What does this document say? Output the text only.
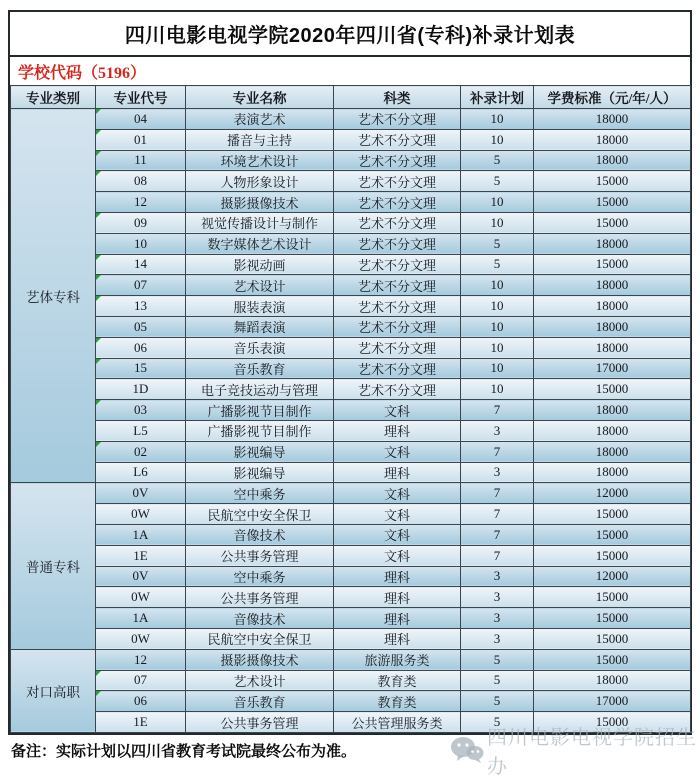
四川电影电视学院2020年四川省(专科)补录计划表
学校代码（5196）
专业类别	专业代号	专业名称	科类	补录计划	学费标准（元/年/人）
艺体专科	04	表演艺术	艺术不分文理	10	18000
	01	播音与主持	艺术不分文理	10	18000
	11	环境艺术设计	艺术不分文理	5	18000
	08	人物形象设计	艺术不分文理	5	15000
	12	摄影摄像技术	艺术不分文理	10	15000
	09	视觉传播设计与制作	艺术不分文理	10	15000
	10	数字媒体艺术设计	艺术不分文理	5	18000
	14	影视动画	艺术不分文理	5	15000
	07	艺术设计	艺术不分文理	10	18000
	13	服装表演	艺术不分文理	10	18000
	05	舞蹈表演	艺术不分文理	10	18000
	06	音乐表演	艺术不分文理	10	18000
	15	音乐教育	艺术不分文理	10	17000
	1D	电子竞技运动与管理	艺术不分文理	10	15000
	03	广播影视节目制作	文科	7	18000
	L5	广播影视节目制作	理科	3	18000
	02	影视编导	文科	7	18000
	L6	影视编导	理科	3	18000
普通专科	0V	空中乘务	文科	7	12000
	0W	民航空中安全保卫	文科	7	15000
	1A	音像技术	文科	7	15000
	1E	公共事务管理	文科	7	15000
	0V	空中乘务	理科	3	12000
	0W	公共事务管理	理科	3	15000
	1A	音像技术	理科	3	15000
	0W	民航空中安全保卫	理科	3	15000
对口高职	12	摄影摄像技术	旅游服务类	5	15000
	07	艺术设计	教育类	5	18000
	06	音乐教育	教育类	5	17000
	1E	公共事务管理	公共管理服务类	5	15000
备注：实际计划以四川省教育考试院最终公布为准。
四川电影电视学院招生办
